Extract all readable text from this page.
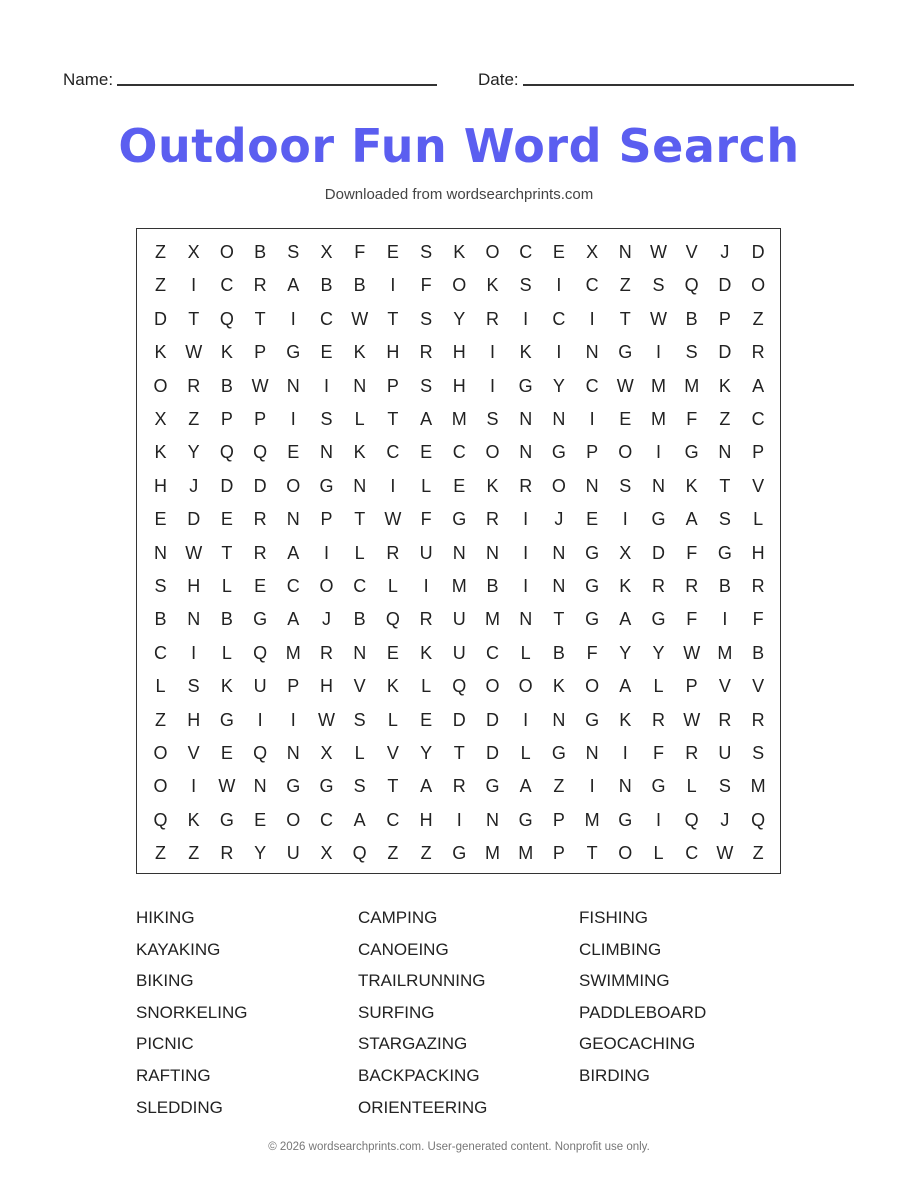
Name:	Date:
Outdoor Fun Word Search
Downloaded from wordsearchprints.com
Z	X	O	B	S	X	F	E	S	K	O	C	E	X	N	W	V	J	D
Z	I	C	R	A	B	B	I	F	O	K	S	I	C	Z	S	Q	D	O
D	T	Q	T	I	C	W	T	S	Y	R	I	C	I	T	W	B	P	Z
K	W	K	P	G	E	K	H	R	H	I	K	I	N	G	I	S	D	R
O	R	B	W	N	I	N	P	S	H	I	G	Y	C	W M	M	K	A
X	Z	P	P	I	S	L	T	A	M	S	N	N	I	E	M	F	Z	C
K	Y	Q	Q	E	N	K	C	E	C	O	N	G	P	O	I	G	N	P
H	J	D	D	O	G	N	I	L	E	K	R	O	N	S	N	K	T	V
E	D	E	R	N	P	T	W	F	G	R	I	J	E	I	G	A	S	L
N	W	T	R	A	I	L	R	U	N	N	I	N	G	X	D	F	G	H
S	H	L	E	C	O	C	L	I	M	B	I	N	G	K	R	R	B	R
B	N	B	G	A	J	B	Q	R	U	M	N	T	G	A	G	F	I	F
C	I	L	Q	M	R	N	E	K	U	C	L	B	F	Y	Y	W M	B
L	S	K	U	P	H	V	K	L	Q	O	O	K	O	A	L	P	V	V
Z	H	G	I	I	W	S	L	E	D	D	I	N	G	K	R	W	R	R
O	V	E	Q	N	X	L	V	Y	T	D	L	G	N	I	F	R	U	S
O	I	W	N	G	G	S	T	A	R	G	A	Z	I	N	G	L	S	M
Q	K	G	E	O	C	A	C	H	I	N	G	P	M	G	I	Q	J	Q
Z	Z	R	Y	U	X	Q	Z	Z	G	M	M	P	T	O	L	C	W	Z
HIKING	CAMPING	FISHING
KAYAKING	CANOEING	CLIMBING
BIKING	TRAILRUNNING	SWIMMING
SNORKELING	SURFING	PADDLEBOARD
PICNIC	STARGAZING	GEOCACHING
RAFTING	BACKPACKING	BIRDING
SLEDDING	ORIENTEERING
© 2026 wordsearchprints.com. User-generated content. Nonprofit use only.
